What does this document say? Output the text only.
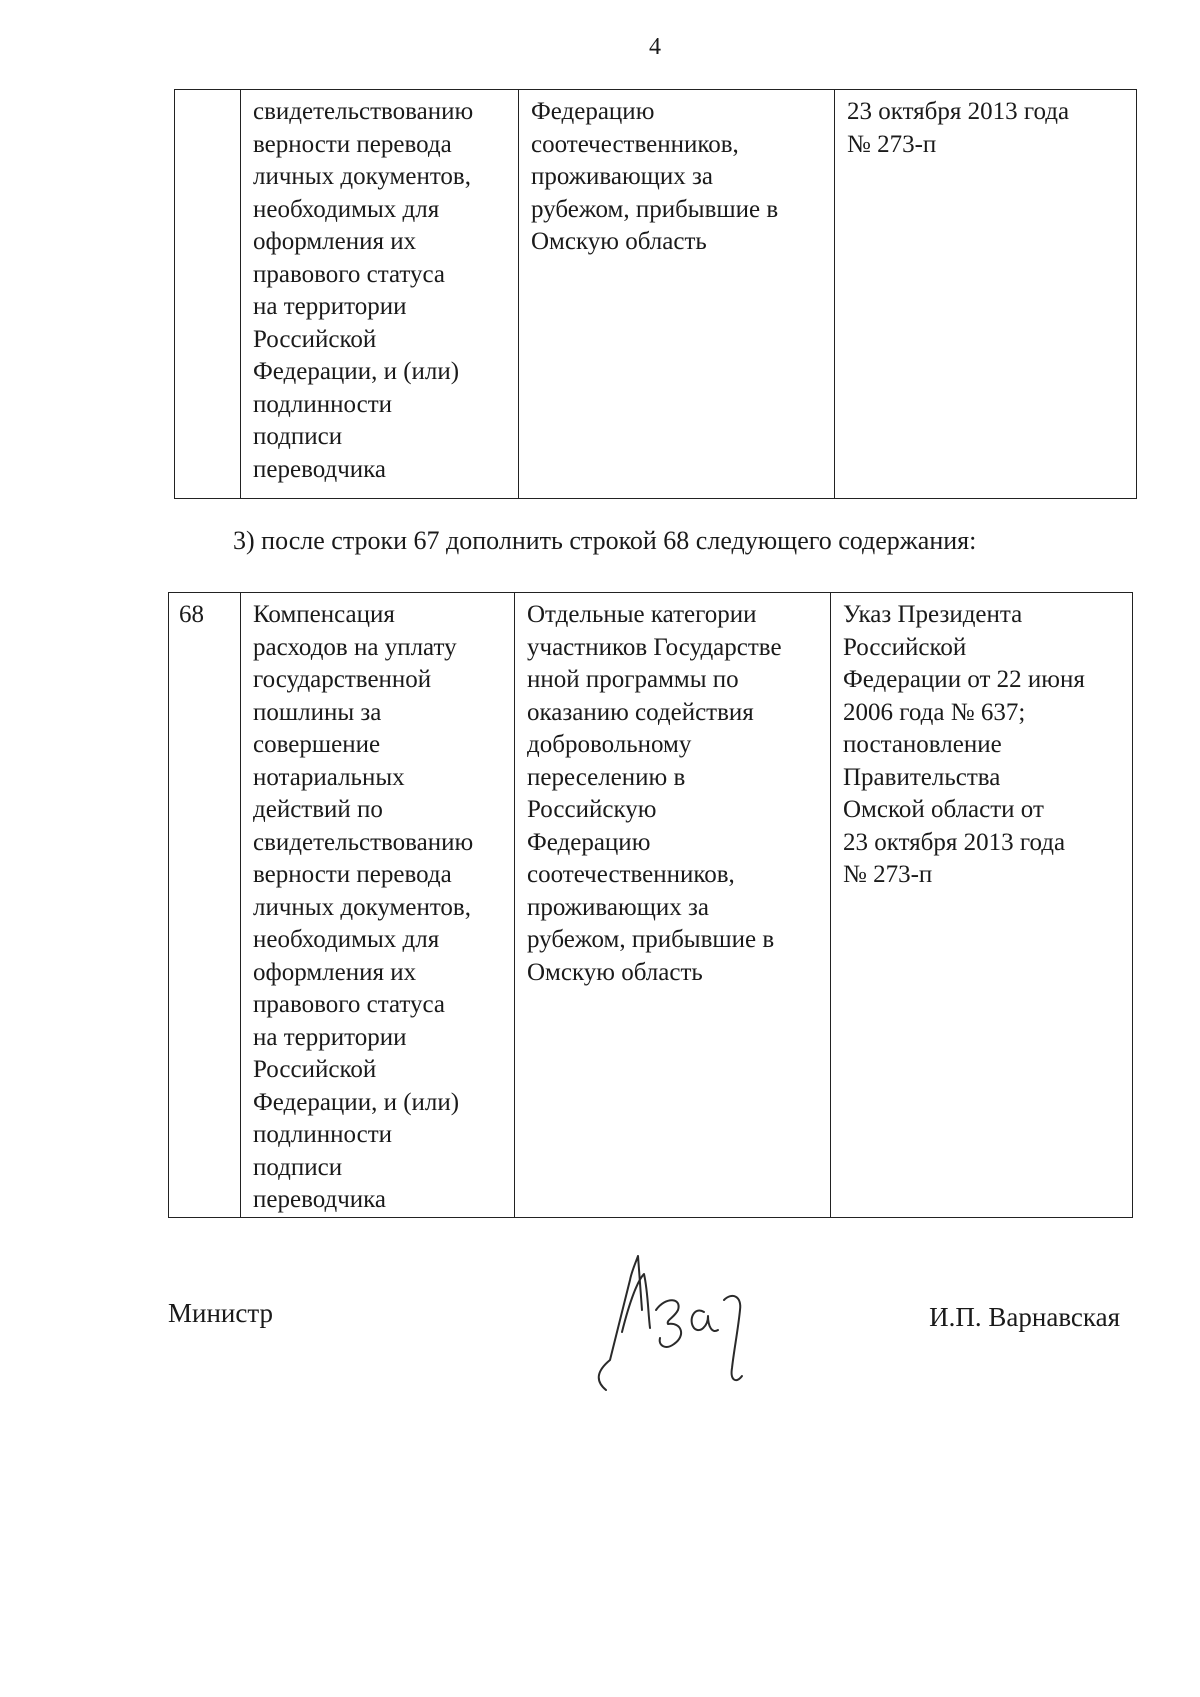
4
	свидетельствованию
верности перевода
личных документов,
необходимых для
оформления их
правового статуса
на территории
Российской
Федерации, и (или)
подлинности
подписи
переводчика	Федерацию
соотечественников,
проживающих за
рубежом, прибывшие в
Омскую область	23 октября 2013 года
№ 273-п
3) после строки 67 дополнить строкой 68 следующего содержания:
68	Компенсация
расходов на уплату
государственной
пошлины за
совершение
нотариальных
действий по
свидетельствованию
верности перевода
личных документов,
необходимых для
оформления их
правового статуса
на территории
Российской
Федерации, и (или)
подлинности
подписи
переводчика	Отдельные категории
участников Государстве
нной программы по
оказанию содействия
добровольному
переселению в
Российскую
Федерацию
соотечественников,
проживающих за
рубежом, прибывшие в
Омскую область	Указ Президента
Российской
Федерации от 22 июня
2006 года № 637;
постановление
Правительства
Омской области от
23 октября 2013 года
№ 273-п
Министр	И.П. Варнавская
